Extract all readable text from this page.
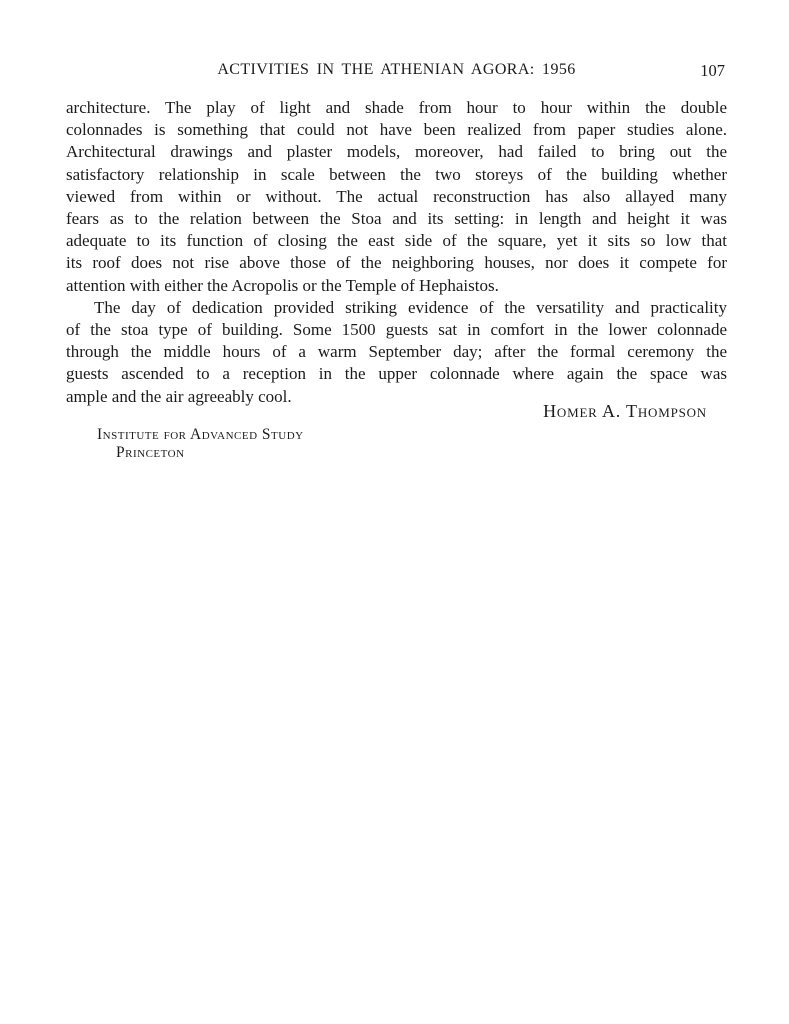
ACTIVITIES IN THE ATHENIAN AGORA: 1956	107
architecture. The play of light and shade from hour to hour within the double
colonnades is something that could not have been realized from paper studies alone.
Architectural drawings and plaster models, moreover, had failed to bring out the
satisfactory relationship in scale between the two storeys of the building whether
viewed from within or without. The actual reconstruction has also allayed many
fears as to the relation between the Stoa and its setting: in length and height it was
adequate to its function of closing the east side of the square, yet it sits so low that
its roof does not rise above those of the neighboring houses, nor does it compete for
attention with either the Acropolis or the Temple of Hephaistos.
The day of dedication provided striking evidence of the versatility and practicality
of the stoa type of building. Some 1500 guests sat in comfort in the lower colonnade
through the middle hours of a warm September day; after the formal ceremony the
guests ascended to a reception in the upper colonnade where again the space was
ample and the air agreeably cool.
Homer A. Thompson
Institute for Advanced Study
Princeton
